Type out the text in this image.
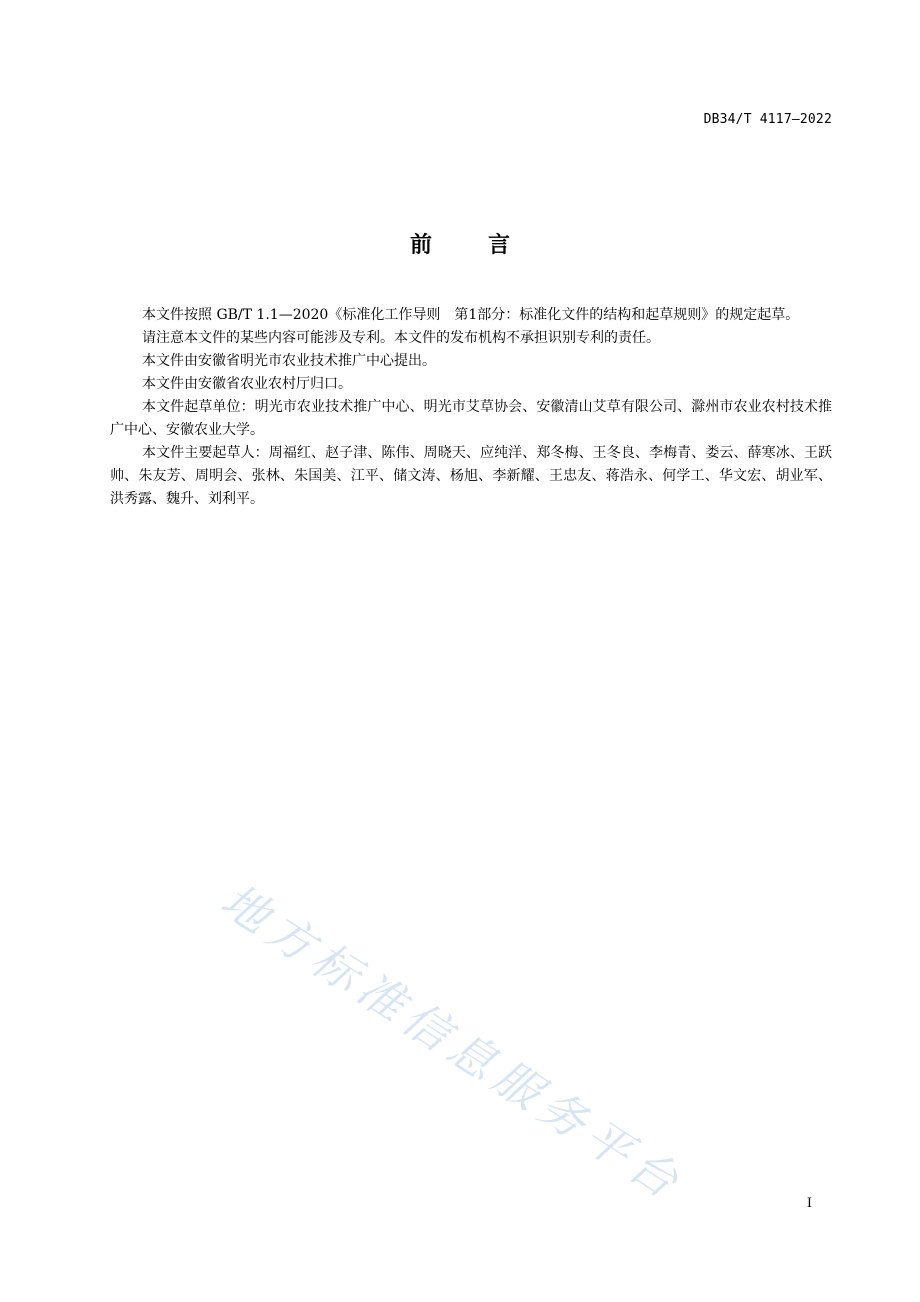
DB34/T 4117—2022
前	言

本文件按照 GB/T 1.1—2020《标准化工作导则　第1部分：标准化文件的结构和起草规则》的规定起草。

请注意本文件的某些内容可能涉及专利。本文件的发布机构不承担识别专利的责任。

本文件由安徽省明光市农业技术推广中心提出。

本文件由安徽省农业农村厅归口。

本文件起草单位：明光市农业技术推广中心、明光市艾草协会、安徽清山艾草有限公司、滁州市农业农村技术推广中心、安徽农业大学。

本文件主要起草人：周福红、赵子津、陈伟、周晓天、应纯洋、郑冬梅、王冬良、李梅青、娄云、薛寒冰、王跃帅、朱友芳、周明会、张林、朱国美、江平、储文涛、杨旭、李新耀、王忠友、蒋浩永、何学工、华文宏、胡业军、洪秀露、魏升、刘利平。

地方标准信息服务平台	I
